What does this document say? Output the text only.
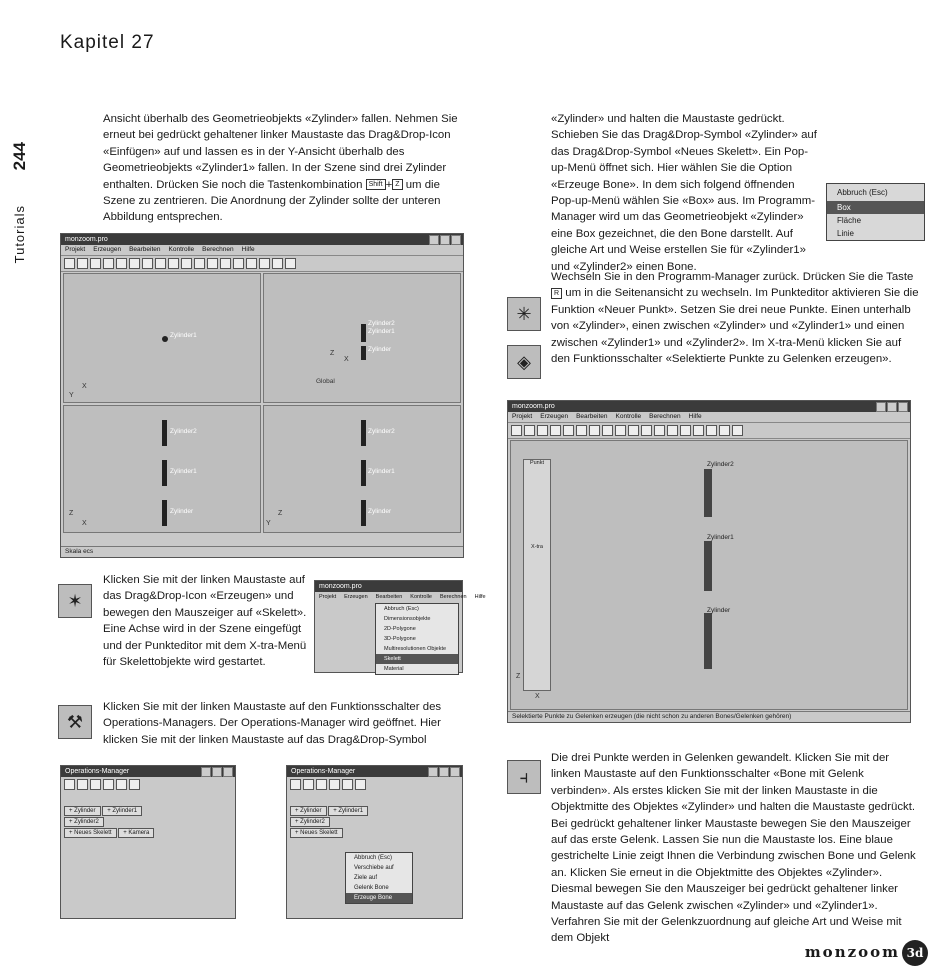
Kapitel 27
244
Tutorials
Ansicht überhalb des Geometrieobjekts «Zylinder» fallen. Nehmen Sie erneut bei gedrückt gehaltener linker Maustaste das Drag&Drop-Icon «Einfügen» auf und lassen es in der Y-Ansicht überhalb des Geometrieobjekts «Zylinder1» fallen. In der Szene sind drei Zylinder enthalten. Drücken Sie noch die Tastenkombination Shift + Z um die Szene zu zentrieren. Die Anordnung der Zylinder sollte der unteren Abbildung entsprechen.
monzoom.pro
Projekt Erzeugen Bearbeiten Kontrolle Berechnen Hilfe
Zylinder1
X
Y
Zylinder2
Zylinder1
Zylinder
Z
X
Global
Zylinder2
Zylinder1
Zylinder
Z
X
Zylinder2
Zylinder1
Zylinder
Z
Y
Skala ecs
✶
Klicken Sie mit der linken Maustaste auf das Drag&Drop-Icon «Erzeugen» und bewegen den Mauszeiger auf «Skelett». Eine Achse wird in der Szene eingefügt und der Punkteditor mit dem X-tra-Menü für Skelettobjekte wird gestartet.
monzoom.pro
Projekt Erzeugen Bearbeiten Kontrolle Berechnen Hilfe
Abbruch (Esc)
Dimensionsobjekte
2D-Polygone
3D-Polygone
Multiresolutionen Objekte
Skelett
Material
⚒
Klicken Sie mit der linken Maustaste auf den Funktionsschalter des Operations-Managers. Der Operations-Manager wird geöffnet. Hier klicken Sie mit der linken Maustaste auf das Drag&Drop-Symbol
Operations-Manager
+ Zylinder + Zylinder1
+ Zylinder2
+ Neues Skelett + Kamera
Operations-Manager
+ Zylinder + Zylinder1
+ Zylinder2
+ Neues Skelett
Abbruch (Esc)
Verschiebe auf
Ziele auf
Gelenk Bone
Erzeuge Bone
«Zylinder» und halten die Maustaste gedrückt. Schieben Sie das Drag&Drop-Symbol «Zylinder» auf das Drag&Drop-Symbol «Neues Skelett». Ein Pop-up-Menü öffnet sich. Hier wählen Sie die Option «Erzeuge Bone». In dem sich folgend öffnenden Pop-up-Menü wählen Sie «Box» aus. Im Programm-Manager wird um das Geometrieobjekt «Zylinder» eine Box gezeichnet, die den Bone darstellt. Auf gleiche Art und Weise erstellen Sie für «Zylinder1» und «Zylinder2» einen Bone.
Abbruch (Esc)
Box
Fläche
Linie
✳
◈
Wechseln Sie in den Programm-Manager zurück. Drücken Sie die Taste R um in die Seitenansicht zu wechseln. Im Punkteditor aktivieren Sie die Funktion «Neuer Punkt». Setzen Sie drei neue Punkte. Einen unterhalb von «Zylinder», einen zwischen «Zylinder» und «Zylinder1» und einen zwischen «Zylinder1» und «Zylinder2». Im X-tra-Menü klicken Sie auf den Funktionsschalter «Selektierte Punkte zu Gelenken erzeugen».
monzoom.pro
Projekt Erzeugen Bearbeiten Kontrolle Berechnen Hilfe
Punkt
X-tra
Zylinder2
Zylinder1
Zylinder
Z
X
Selektierte Punkte zu Gelenken erzeugen (die nicht schon zu anderen Bones/Gelenken gehören)
⫞
Die drei Punkte werden in Gelenken gewandelt. Klicken Sie mit der linken Maustaste auf den Funktionsschalter «Bone mit Gelenk verbinden». Als erstes klicken Sie mit der linken Maustaste in die Objektmitte des Objektes «Zylinder» und halten die Maustaste gedrückt. Bei gedrückt gehaltener linker Maustaste bewegen Sie den Mauszeiger auf das erste Gelenk. Lassen Sie nun die Maustaste los. Eine blaue gestrichelte Linie zeigt Ihnen die Verbindung zwischen Bone und Gelenk an. Klicken Sie erneut in die Objektmitte des Objektes «Zylinder». Diesmal bewegen Sie den Mauszeiger bei gedrückt gehaltener linker Maustaste auf das Gelenk zwischen «Zylinder» und «Zylinder1». Verfahren Sie mit der Gelenkzuordnung auf gleiche Art und Weise mit dem Objekt
monzoom 3d
